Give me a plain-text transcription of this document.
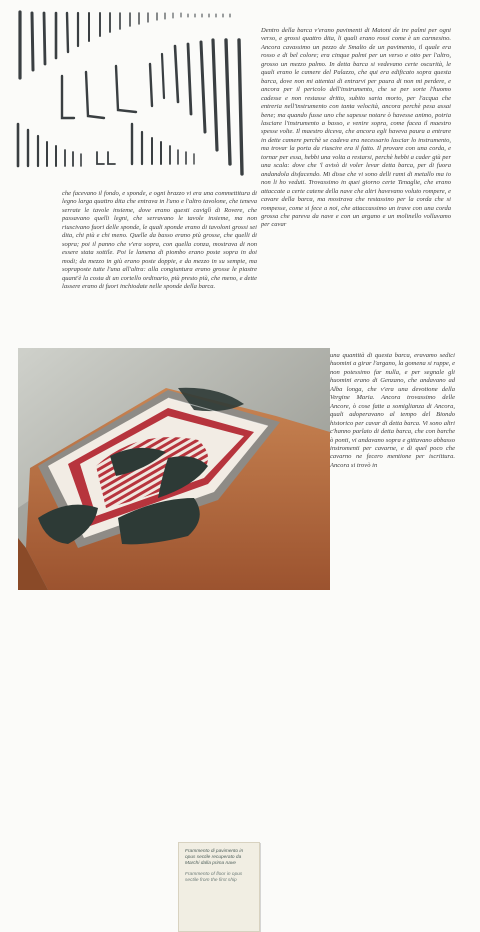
Dentro della barca v'erano pavimenti di Matoni de tre palmi per ogni verso, e grossi quattro dita, li quali erano rossi come è un carmesino. Ancora cavassimo un pezzo de Smalto de un pavimento, il quale era rosso e di bel colore; era cinque palmi per un verso e otto per l'altro, grosso un mezzo palmo. In detta barca si vedevano certe oscurità, le quali erano le camere del Palazzo, che qui era edificato sopra questa barca, dove non mi attentai di entrarvi per paura di non mi perdere, e ancora per il pericolo dell'instrumento, che se per sorte l'huomo cadesse e non restasse dritto, subito saria morto, per l'acqua che entreria nell'instrumento con tanta velocità, ancora perchè pesa assai bene; ma quando fusse uno che sapesse notare ò havesse animo, potria lasciare l'instrumento a basso, e venire sopra, come facea il maestro spesse volte. Il maestro diceva, che ancora egli haveva paura a entrare in dette camere perchè se cadeva era necessario lasciar lo instrumento, ma trovar la porta da riuscire era il fatto. Il provare con una corda, e tornar per essa, hebbi una volta a restarsi, perchè hebbi a cader giù per una scala: dove che 'l avisò di voler levar detta barca, per di fuora andandola disfacendo. Mi disse che vi sono delli rami di metallo ma io non li ho veduti. Trovassimo in quei giorno certe Tenaglie, che erano attaccate a certe catene della nave che altri havevano voluto rompere, e cavare della barca, ma mostrava che restassino per la corda che si rompesse, come si fece a noi, che attaccassimo un trave con una corda grossa che pareva da nave e con un argano e un molinello volluvamo per cavar

che facevano il fondo, e sponde, e ogni brazzo vi era una commettitura di legno larga quattro dita che entrava in l'uno e l'altro tavolone, che teneva serrate le tavole insieme, dove erano questi caviglì di Rovere, che passavano quelli legni, che serravano le tavole insieme, ma non riuscivano fuori delle sponde, le quali sponde erano di tavoloni grossi sei dita, chi più e chi meno. Quelle da basso erano più grosse, che quelli di sopra; poi il panno che v'era sopra, con quella conza, mostrava di non essere stata sottile. Poi le lamena di piombo erano poste sopra in doi modi; da mezzo in giù erano poste doppie, e da mezzo in su sempie, ma sopraposte tutte l'una all'altra: alla congiuntura erano grosse le piastre quant'è la costa di un cortello ordinario, più presto più, che meno, e dette lassere erano di fuori inchiodate nelle sponde della barca.

Frammento di pavimento in opus sectile recuperato da Marchi dalla prima nave
Frammento of floor in opus sectile from the first ship

una quantità di questa barca, eravamo sedici huomini a girar l'argano, la gomena si ruppe, e non potessimo far nulla, e per segnale gli huomini erano di Genzano, che andavano ad Alba longa, che v'era una devotione della Vergine Maria. Ancora trovassimo delle Ancore, ò cose fatte a somiglianza di Ancora, quali adoperavano al tempo del Biondo historico per cavar di detta barca. Vi sono altri c'hanno parlato di detta barca, che con barche ò ponti, vi andavano sopra e gittavano abbasso instromenti per cavarne, e di quel poco che cavarno ne fecero mentione per iscrittura. Ancora si trovò in
